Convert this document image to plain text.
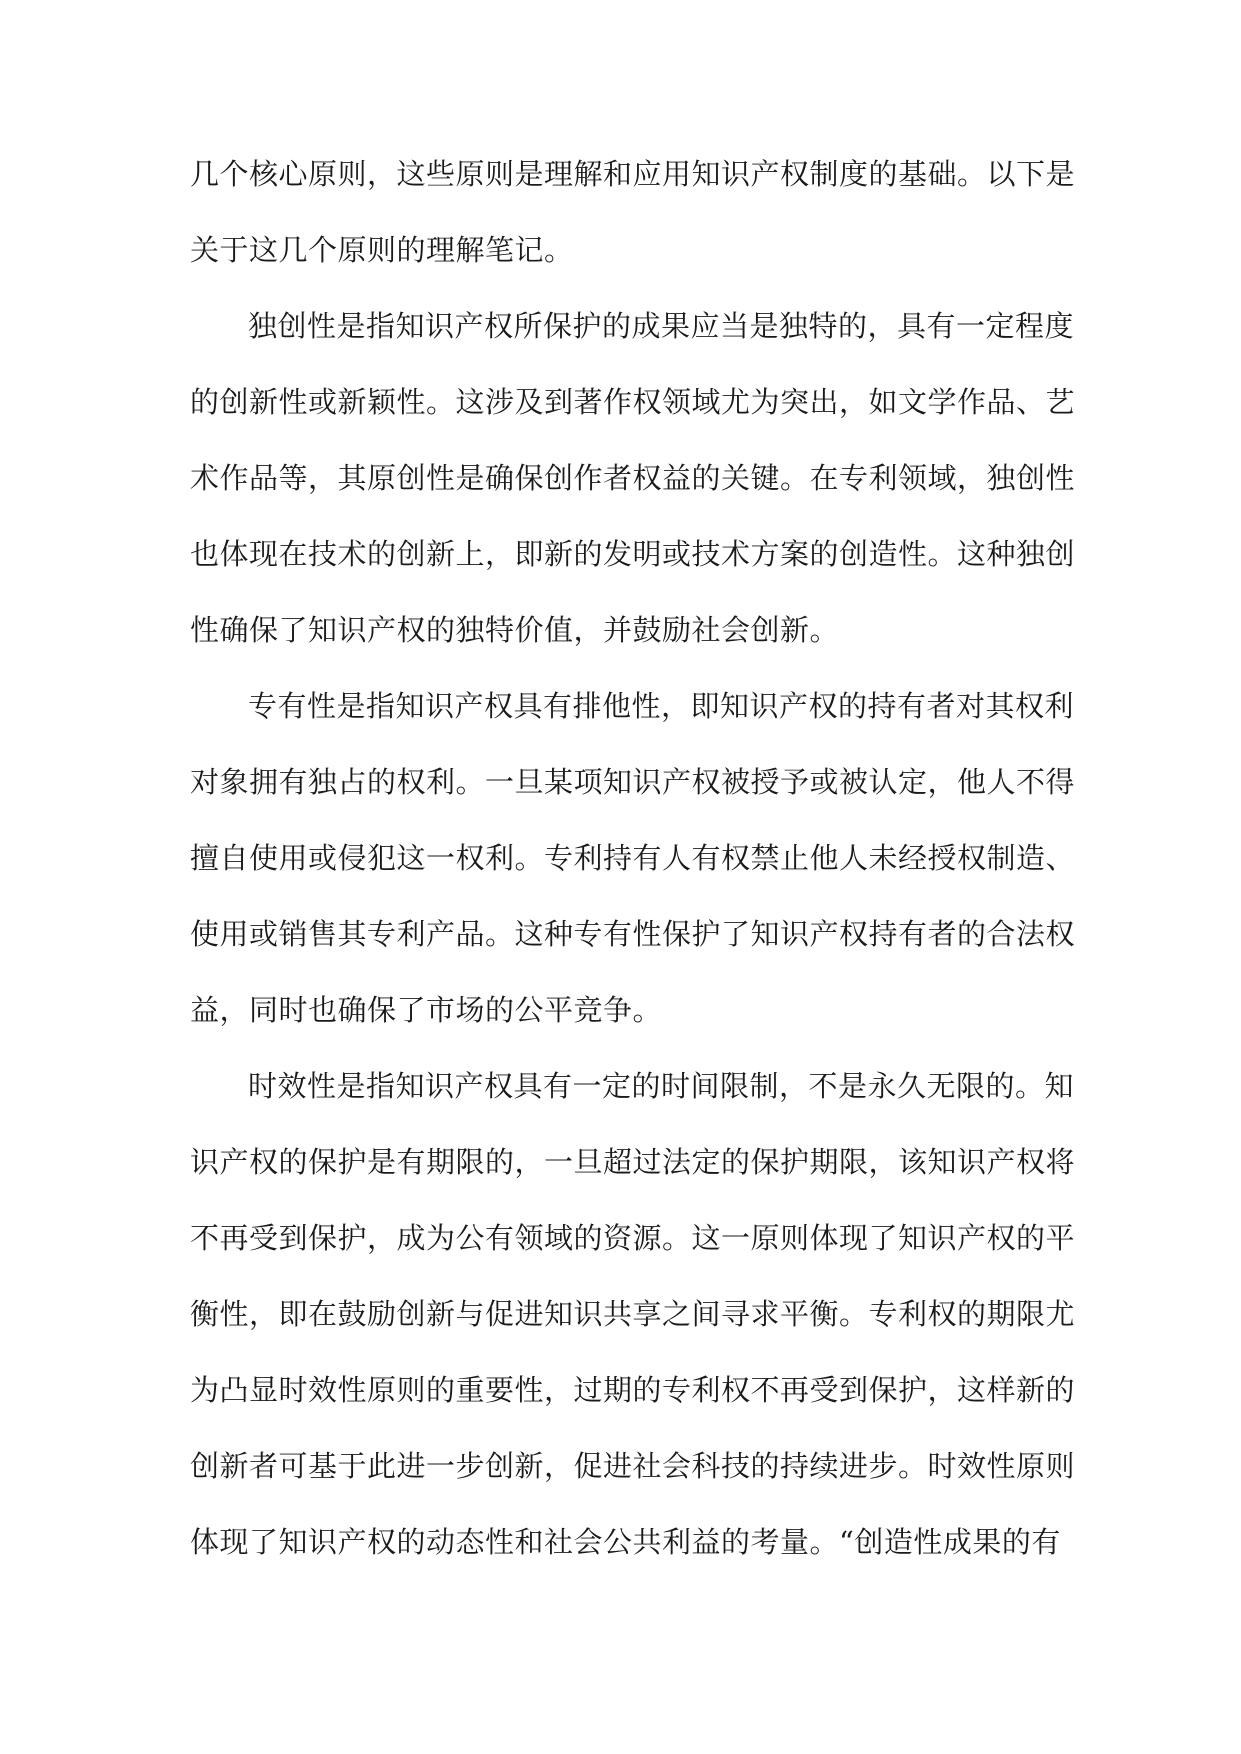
几个核心原则，这些原则是理解和应用知识产权制度的基础。以下是
关于这几个原则的理解笔记。
独创性是指知识产权所保护的成果应当是独特的，具有一定程度
的创新性或新颖性。这涉及到著作权领域尤为突出，如文学作品、艺
术作品等，其原创性是确保创作者权益的关键。在专利领域，独创性
也体现在技术的创新上，即新的发明或技术方案的创造性。这种独创
性确保了知识产权的独特价值，并鼓励社会创新。
专有性是指知识产权具有排他性，即知识产权的持有者对其权利
对象拥有独占的权利。一旦某项知识产权被授予或被认定，他人不得
擅自使用或侵犯这一权利。专利持有人有权禁止他人未经授权制造、
使用或销售其专利产品。这种专有性保护了知识产权持有者的合法权
益，同时也确保了市场的公平竞争。
时效性是指知识产权具有一定的时间限制，不是永久无限的。知
识产权的保护是有期限的，一旦超过法定的保护期限，该知识产权将
不再受到保护，成为公有领域的资源。这一原则体现了知识产权的平
衡性，即在鼓励创新与促进知识共享之间寻求平衡。专利权的期限尤
为凸显时效性原则的重要性，过期的专利权不再受到保护，这样新的
创新者可基于此进一步创新，促进社会科技的持续进步。时效性原则
体现了知识产权的动态性和社会公共利益的考量。“创造性成果的有
